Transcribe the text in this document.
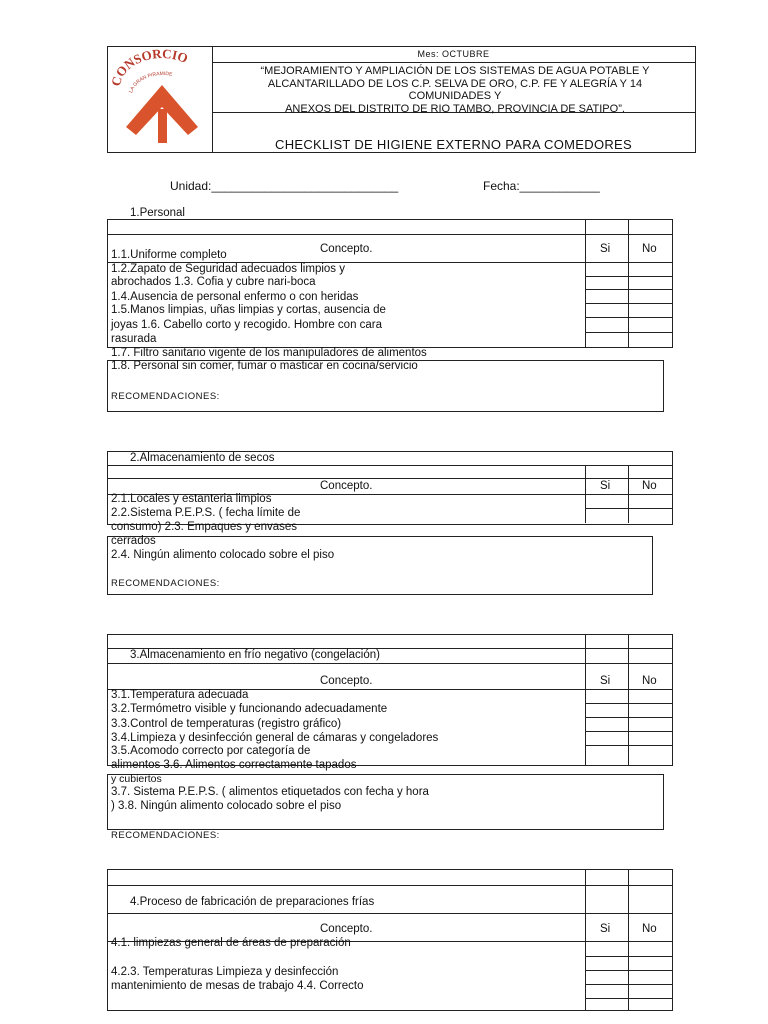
ONSORCIO
LA GRAN PIRAMIDE
Mes: OCTUBRE
“MEJORAMIENTO Y AMPLIACIÓN DE LOS SISTEMAS DE AGUA POTABLE Y
ALCANTARILLADO DE LOS C.P. SELVA DE ORO, C.P. FE Y ALEGRÍA Y 14
COMUNIDADES Y
ANEXOS DEL DISTRITO DE RIO TAMBO, PROVINCIA DE SATIPO”.
CHECKLIST DE HIGIENE EXTERNO PARA COMEDORES
Unidad:____________________________	Fecha:____________
1.Personal
Concepto.	Si	No
1.1.Uniforme completo
1.2.Zapato de Seguridad adecuados limpios y
abrochados 1.3. Cofia y cubre nari-boca
1.4.Ausencia de personal enfermo o con heridas
1.5.Manos limpias, uñas limpias y cortas, ausencia de
joyas 1.6. Cabello corto y recogido. Hombre con cara
rasurada
1.7. Filtro sanitario vigente de los manipuladores de alimentos
1.8. Personal sin comer, fumar o masticar en cocina/servicio
RECOMENDACIONES:
2.Almacenamiento de secos
Concepto.	Si	No
2.1.Locales y estanteria limpios
2.2.Sistema P.E.P.S. ( fecha límite de
consumo) 2.3. Empaques y envases
cerrados
2.4. Ningún alimento colocado sobre el piso
RECOMENDACIONES:
3.Almacenamiento en frío negativo (congelación)
Concepto.	Si	No
3.1.Temperatura adecuada
3.2.Termómetro visible y funcionando adecuadamente
3.3.Control de temperaturas (registro gráfico)
3.4.Limpieza y desinfección general de cámaras y congeladores
3.5.Acomodo correcto por categoría de
alimentos 3.6. Alimentos correctamente tapados
y cubiertos
3.7. Sistema P.E.P.S. ( alimentos etiquetados con fecha y hora
) 3.8. Ningún alimento colocado sobre el piso
RECOMENDACIONES:
4.Proceso de fabricación de preparaciones frías
Concepto.	Si	No
4.1. limpiezas general de áreas de preparación
4.2.3. Temperaturas Limpieza y desinfección
mantenimiento de mesas de trabajo 4.4. Correcto
